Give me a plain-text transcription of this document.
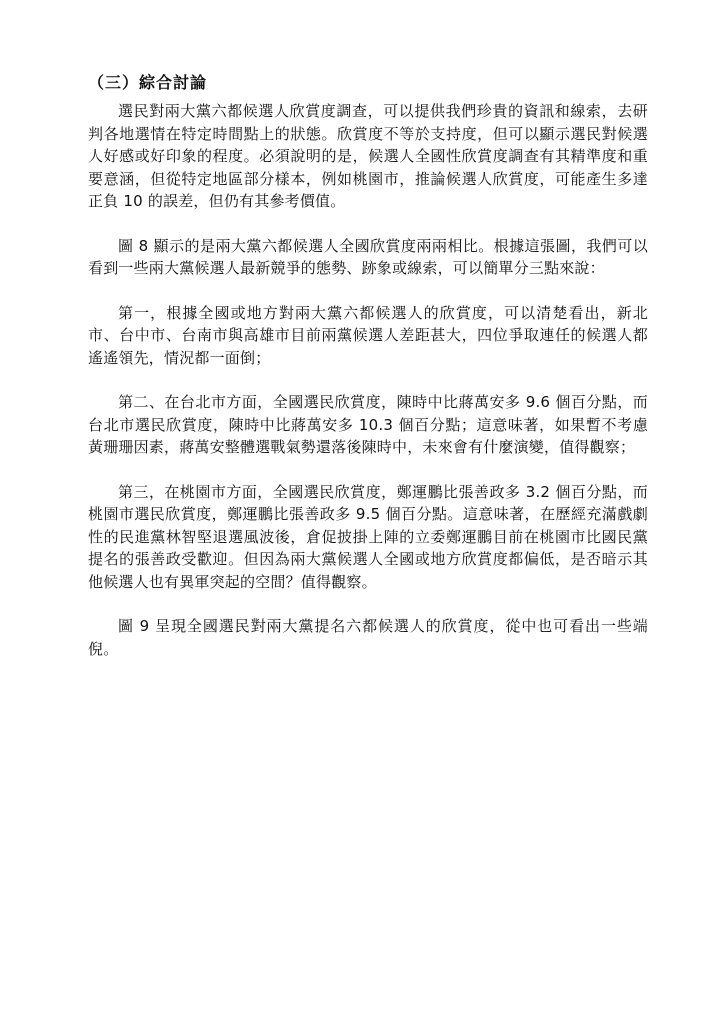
（三）綜合討論

選民對兩大黨六都候選人欣賞度調查，可以提供我們珍貴的資訊和線索，去研判各地選情在特定時間點上的狀態。欣賞度不等於支持度，但可以顯示選民對候選人好感或好印象的程度。必須說明的是，候選人全國性欣賞度調查有其精準度和重要意涵，但從特定地區部分樣本，例如桃園市，推論候選人欣賞度，可能產生多達正負 10 的誤差，但仍有其參考價值。

圖 8 顯示的是兩大黨六都候選人全國欣賞度兩兩相比。根據這張圖，我們可以看到一些兩大黨候選人最新競爭的態勢、跡象或線索，可以簡單分三點來說：

第一，根據全國或地方對兩大黨六都候選人的欣賞度，可以清楚看出，新北市、台中市、台南市與高雄市目前兩黨候選人差距甚大，四位爭取連任的候選人都遙遙領先，情況都一面倒；

第二、在台北市方面，全國選民欣賞度，陳時中比蔣萬安多 9.6 個百分點，而台北市選民欣賞度，陳時中比蔣萬安多 10.3 個百分點；這意味著，如果暫不考慮黃珊珊因素，蔣萬安整體選戰氣勢還落後陳時中，未來會有什麼演變，值得觀察；

第三，在桃園市方面，全國選民欣賞度，鄭運鵬比張善政多 3.2 個百分點，而桃園市選民欣賞度，鄭運鵬比張善政多 9.5 個百分點。這意味著，在歷經充滿戲劇性的民進黨林智堅退選風波後，倉促披掛上陣的立委鄭運鵬目前在桃園市比國民黨提名的張善政受歡迎。但因為兩大黨候選人全國或地方欣賞度都偏低，是否暗示其他候選人也有異軍突起的空間？值得觀察。

圖 9 呈現全國選民對兩大黨提名六都候選人的欣賞度，從中也可看出一些端倪。
